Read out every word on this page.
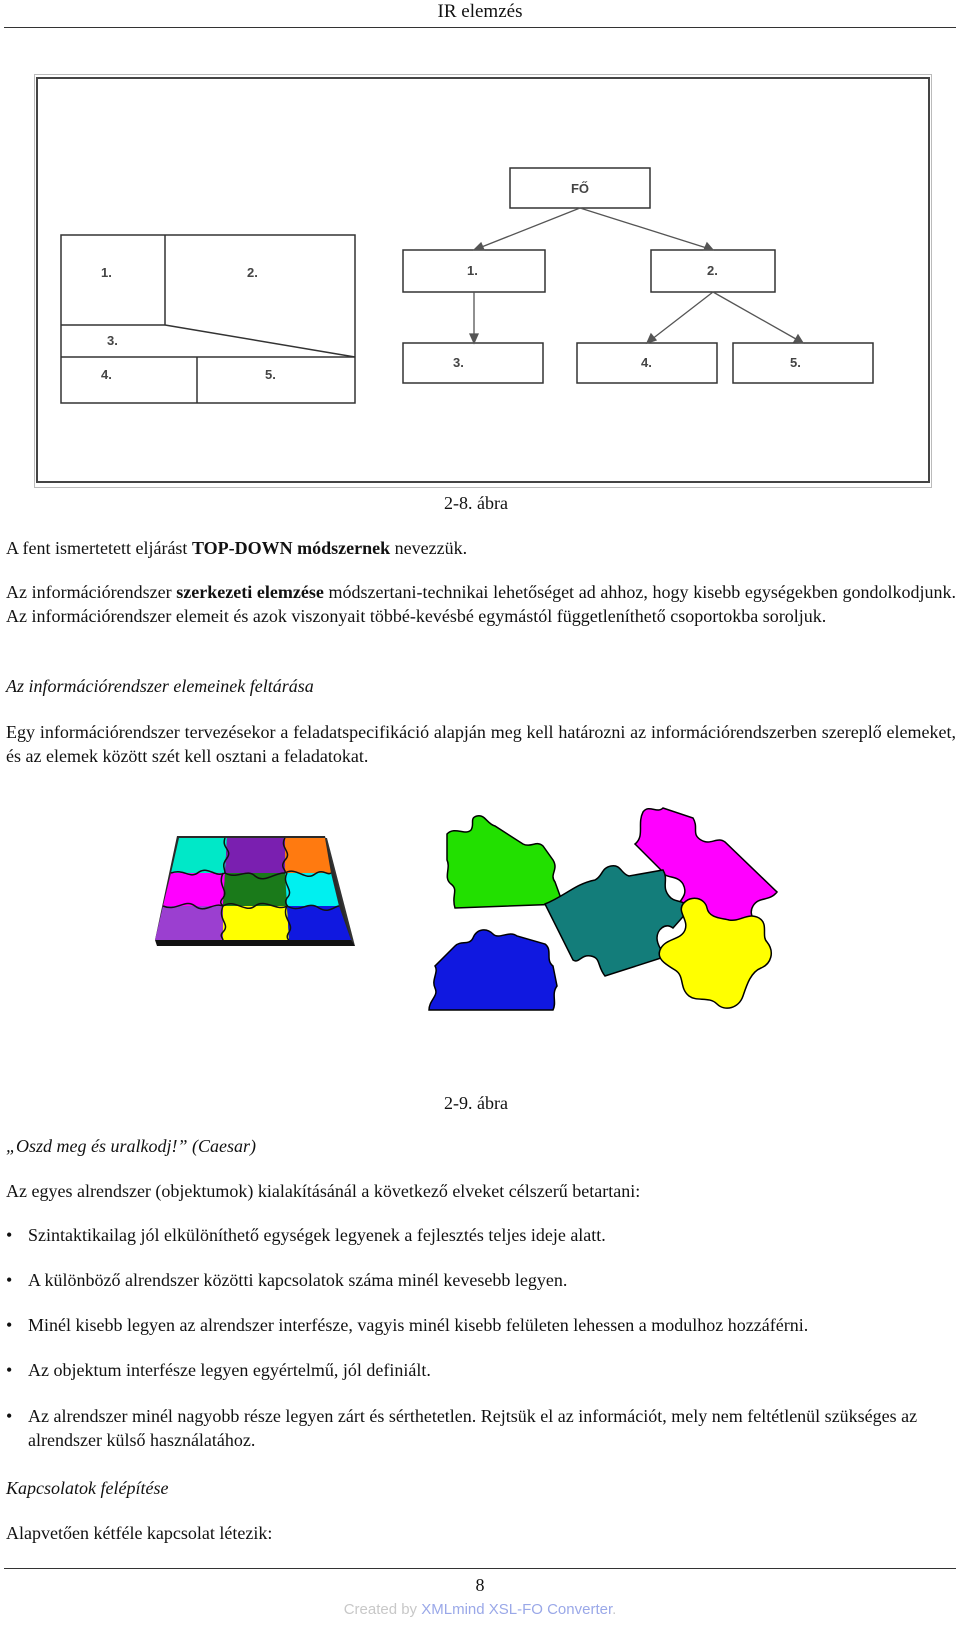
IR elemzés
1.	2.
3.
4.	5.
FŐ
1.	2.
3.	4.	5.
2-8. ábra
A fent ismertetett eljárást TOP-DOWN módszernek nevezzük.
Az információrendszer szerkezeti elemzése módszertani-technikai lehetőséget ad ahhoz, hogy kisebb egységekben gondolkodjunk. Az információrendszer elemeit és azok viszonyait többé-kevésbé egymástól függetleníthető csoportokba soroljuk.
Az információrendszer elemeinek feltárása
Egy információrendszer tervezésekor a feladatspecifikáció alapján meg kell határozni az információrendszerben szereplő elemeket, és az elemek között szét kell osztani a feladatokat.
2-9. ábra
„Oszd meg és uralkodj!” (Caesar)
Az egyes alrendszer (objektumok) kialakításánál a következő elveket célszerű betartani:
• Szintaktikailag jól elkülöníthető egységek legyenek a fejlesztés teljes ideje alatt.
• A különböző alrendszer közötti kapcsolatok száma minél kevesebb legyen.
• Minél kisebb legyen az alrendszer interfésze, vagyis minél kisebb felületen lehessen a modulhoz hozzáférni.
• Az objektum interfésze legyen egyértelmű, jól definiált.
• Az alrendszer minél nagyobb része legyen zárt és sérthetetlen. Rejtsük el az információt, mely nem feltétlenül szükséges az alrendszer külső használatához.
Kapcsolatok felépítése
Alapvetően kétféle kapcsolat létezik:
8
Created by XMLmind XSL-FO Converter.
